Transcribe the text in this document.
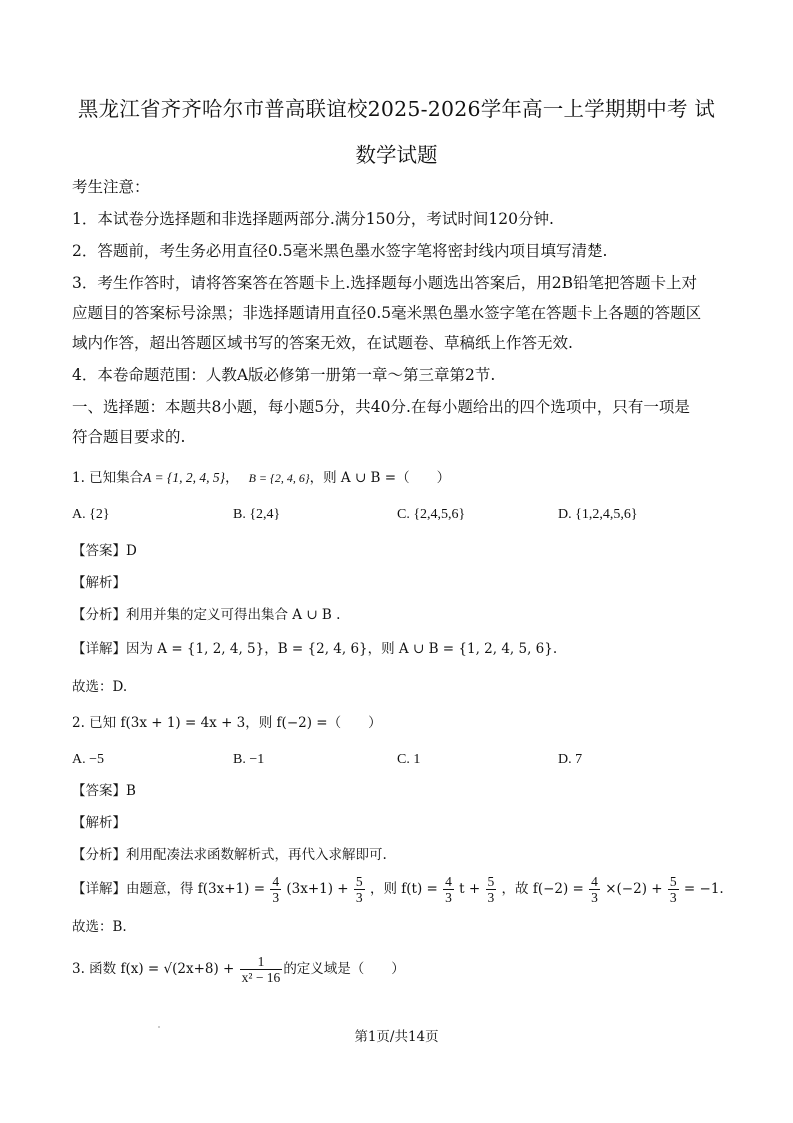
黑龙江省齐齐哈尔市普高联谊校2025-2026学年高一上学期期中考 试
数学试题
考生注意：
1．本试卷分选择题和非选择题两部分.满分150分，考试时间120分钟.
2．答题前，考生务必用直径0.5毫米黑色墨水签字笔将密封线内项目填写清楚.
3．考生作答时，请将答案答在答题卡上.选择题每小题选出答案后，用2B铅笔把答题卡上对
应题目的答案标号涂黑；非选择题请用直径0.5毫米黑色墨水签字笔在答题卡上各题的答题区
域内作答，超出答题区域书写的答案无效，在试题卷、草稿纸上作答无效.
4．本卷命题范围：人教A版必修第一册第一章～第三章第2节.
一、选择题：本题共8小题，每小题5分，共40分.在每小题给出的四个选项中，只有一项是
符合题目要求的.
1. 已知集合A = {1, 2, 4, 5}， B = {2, 4, 6}，则 A ∪ B =（　　）
A. {2}	B. {2,4}	C. {2,4,5,6}	D. {1,2,4,5,6}
【答案】D
【解析】
【分析】利用并集的定义可得出集合 A ∪ B .
【详解】因为 A = {1, 2, 4, 5}，B = {2, 4, 6}，则 A ∪ B = {1, 2, 4, 5, 6}.
故选：D.
2. 已知 f(3x + 1) = 4x + 3，则 f(−2) =（　　）
A. −5	B. −1	C. 1	D. 7
【答案】B
【解析】
【分析】利用配凑法求函数解析式，再代入求解即可.
【详解】由题意，得 $f(3x+1) = \frac{4}{3} (3x+1) + \frac{5}{3}$ ，则 $f(t) = \frac{4}{3}$ $t + \frac{5}{3}$ ，故 $f(-2) = \frac{4}{3} \times(-2) + \frac{5}{3} = -1$.
故选：B.
3. 函数 $f(x) = √(2x+8) + \frac{1}{\text{x² − 16}}$ 的定义域是（　　）
第1页/共14页
